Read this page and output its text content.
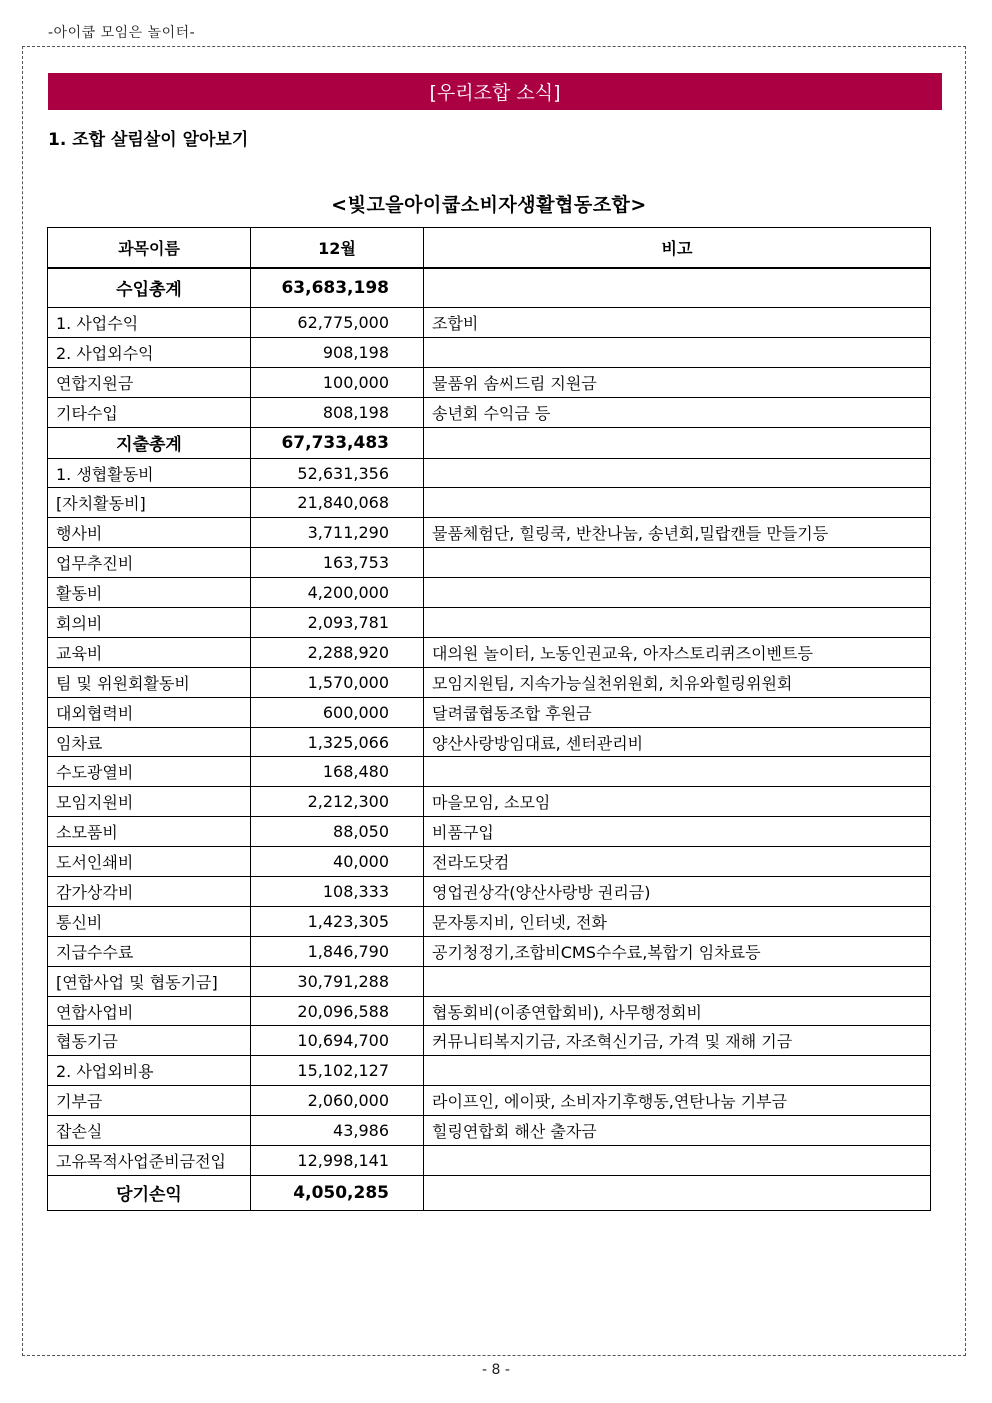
-아이쿱 모임은 놀이터-
[우리조합 소식]
1. 조합 살림살이 알아보기
<빛고을아이쿱소비자생활협동조합>
과목이름	12월	비고
수입총계	63,683,198	
1. 사업수익	62,775,000	조합비
2. 사업외수익	908,198	
연합지원금	100,000	물품위 솜씨드림 지원금
기타수입	808,198	송년회 수익금 등
지출총계	67,733,483	
1. 생협활동비	52,631,356	
[자치활동비]	21,840,068	
행사비	3,711,290	물품체험단, 힐링쿡, 반찬나눔, 송년회,밀랍캔들 만들기등
업무추진비	163,753	
활동비	4,200,000	
회의비	2,093,781	
교육비	2,288,920	대의원 놀이터, 노동인권교육, 아자스토리퀴즈이벤트등
팀 및 위원회활동비	1,570,000	모임지원팀, 지속가능실천위원회, 치유와힐링위원회
대외협력비	600,000	달려쿱협동조합 후원금
임차료	1,325,066	양산사랑방임대료, 센터관리비
수도광열비	168,480	
모임지원비	2,212,300	마을모임, 소모임
소모품비	88,050	비품구입
도서인쇄비	40,000	전라도닷컴
감가상각비	108,333	영업권상각(양산사랑방 권리금)
통신비	1,423,305	문자통지비, 인터넷, 전화
지급수수료	1,846,790	공기청정기,조합비CMS수수료,복합기 임차료등
[연합사업 및 협동기금]	30,791,288	
연합사업비	20,096,588	협동회비(이종연합회비), 사무행정회비
협동기금	10,694,700	커뮤니티복지기금, 자조혁신기금, 가격 및 재해 기금
2. 사업외비용	15,102,127	
기부금	2,060,000	라이프인, 에이팟, 소비자기후행동,연탄나눔 기부금
잡손실	43,986	힐링연합회 해산 출자금
고유목적사업준비금전입	12,998,141	
당기손익	4,050,285	
- 8 -
